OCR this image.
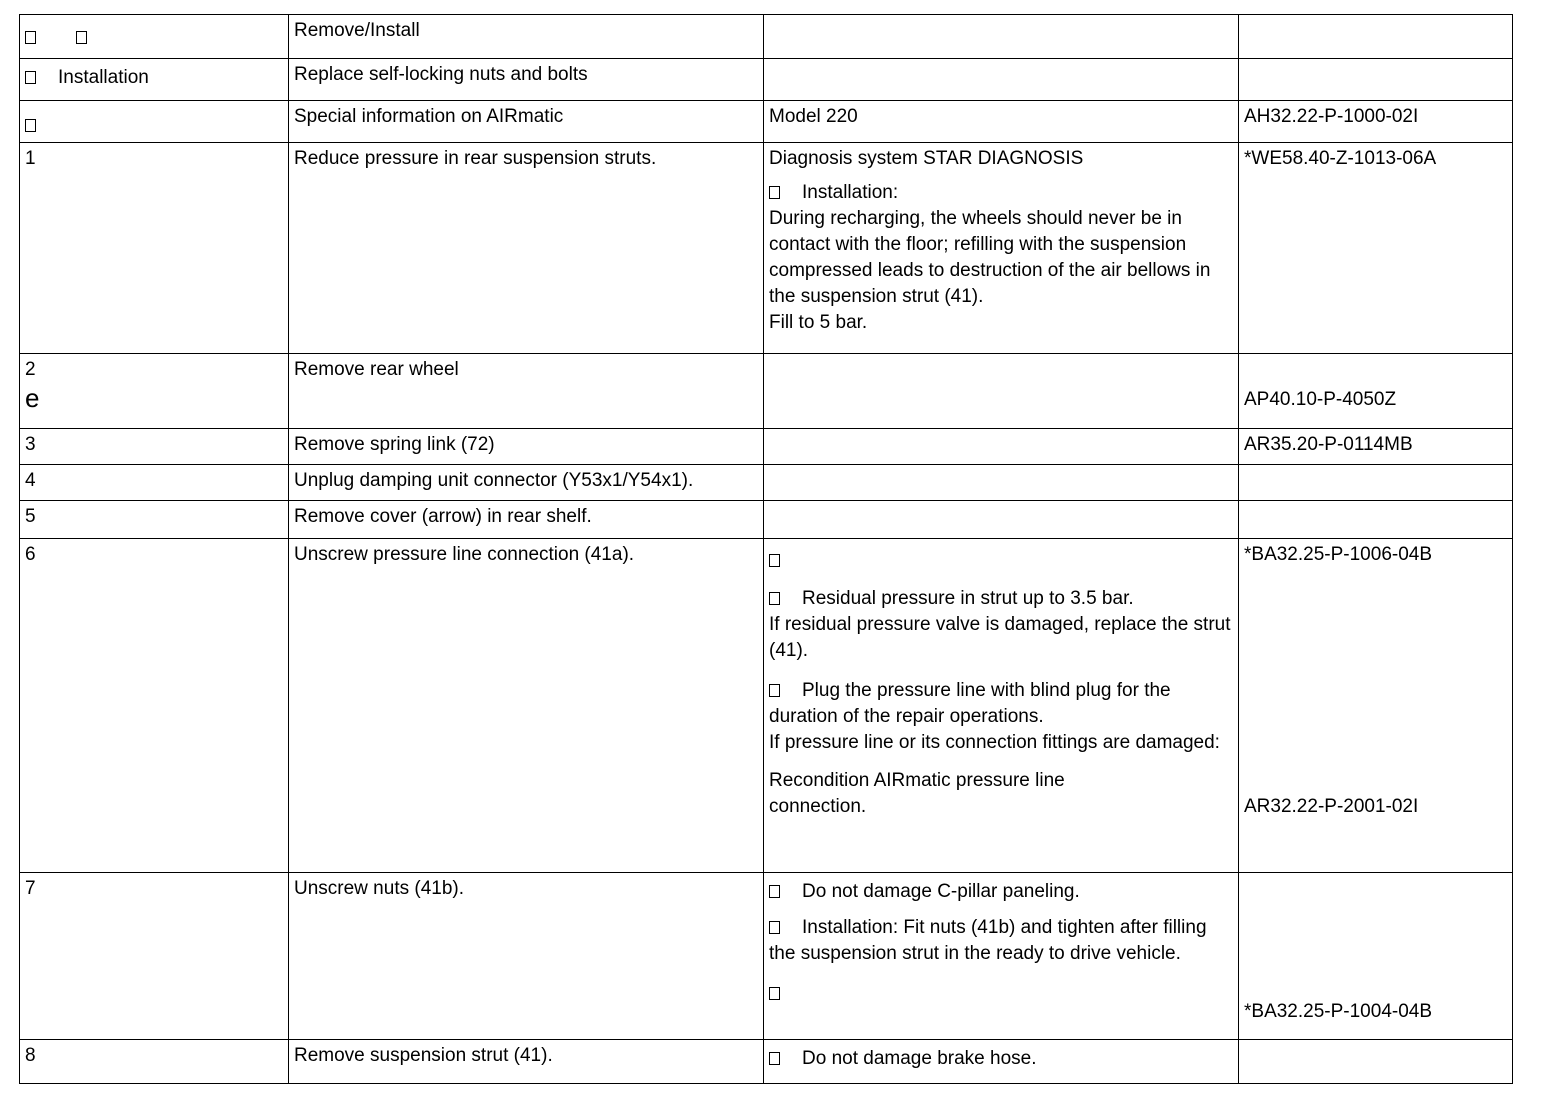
	Remove/Install		
Installation	Replace self-locking nuts and bolts		
	Special information on AIRmatic	Model 220	AH32.22-P-1000-02I
1	Reduce pressure in rear suspension struts.	Diagnosis system STAR DIAGNOSIS
Installation:
During recharging, the wheels should never be in contact with the floor; refilling with the suspension compressed leads to destruction of the air bellows in the suspension strut (41).
Fill to 5 bar.	*WE58.40-Z-1013-06A

2
e	Remove rear wheel		AP40.10-P-4050Z
3	Remove spring link (72)		AR35.20-P-0114MB
4	Unplug damping unit connector (Y53x1/Y54x1).		
5	Remove cover (arrow) in rear shelf.		
6	Unscrew pressure line connection (41a).	Residual pressure in strut up to 3.5 bar.
If residual pressure valve is damaged, replace the strut (41).
Plug the pressure line with blind plug for the duration of the repair operations.
If pressure line or its connection fittings are damaged:
Recondition AIRmatic pressure line connection.	*BA32.25-P-1006-04B
AR32.22-P-2001-02I

7	Unscrew nuts (41b).	Do not damage C-pillar paneling.
Installation: Fit nuts (41b) and tighten after filling the suspension strut in the ready to drive vehicle.	*BA32.25-P-1004-04B

8	Remove suspension strut (41).	Do not damage brake hose.	
